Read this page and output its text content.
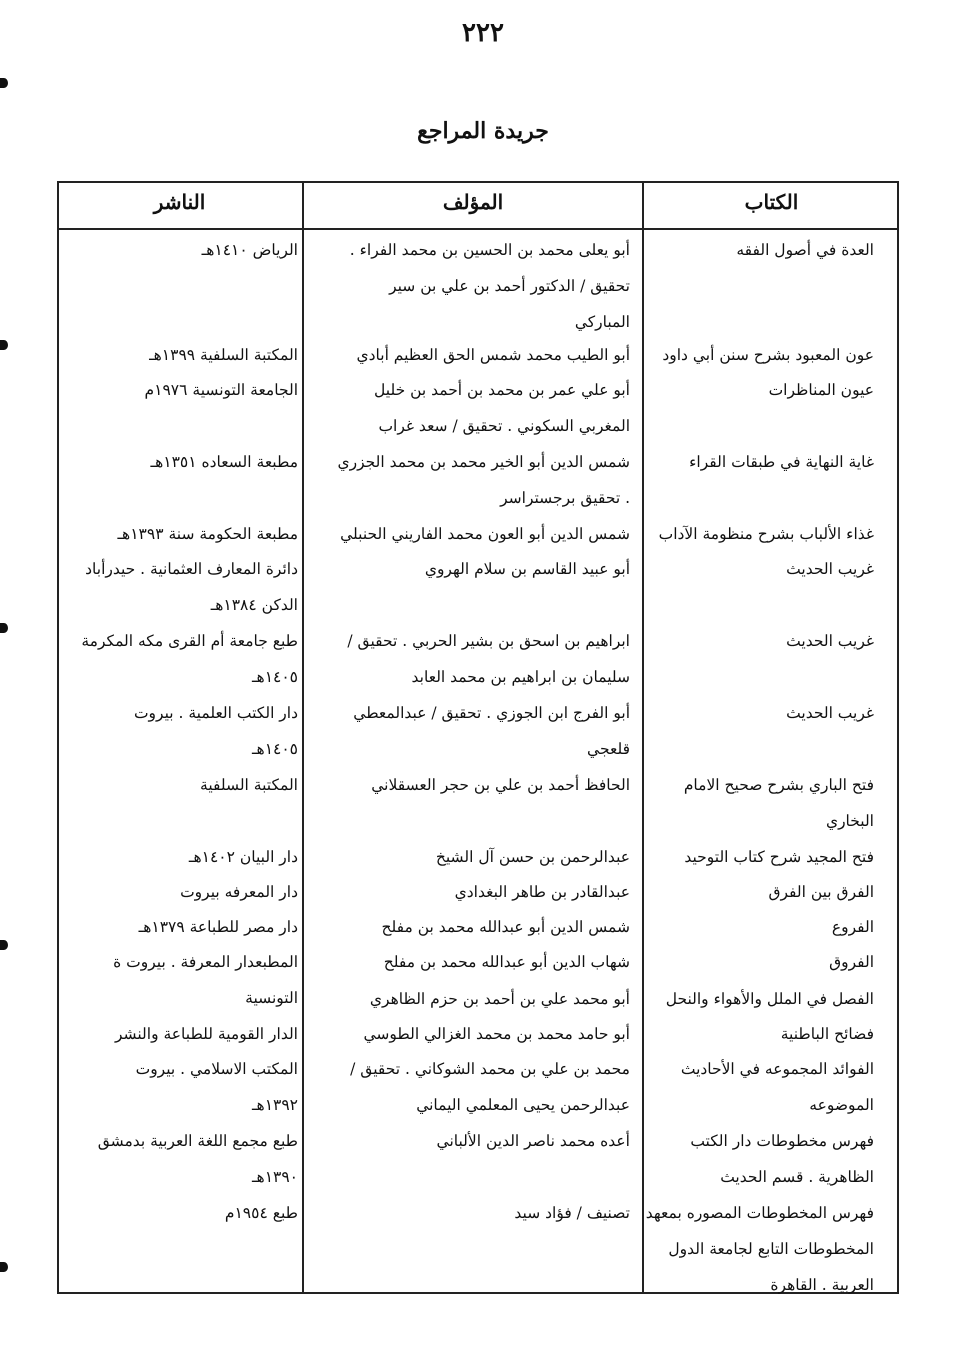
٢٢٢
جريدة المراجع
الكتاب
المؤلف
الناشر
العدة في أصول الفقه
أبو يعلى محمد بن الحسين بن محمد الفراء .
تحقيق / الدكتور أحمد بن علي بن سير
المباركي
الرياض ١٤١٠هـ
عون المعبود بشرح سنن أبي داود
أبو الطيب محمد شمس الحق العظيم أبادي
المكتبة السلفية ١٣٩٩هـ
عيون المناظرات
أبو علي عمر بن محمد بن أحمد بن خليل
المغربي السكوني . تحقيق / سعد غراب
الجامعة التونسية ١٩٧٦م
غاية النهاية في طبقات القراء
شمس الدين أبو الخير محمد بن محمد الجزري
. تحقيق برجستراسر
مطبعة السعاده ١٣٥١هـ
غذاء الألباب بشرح منظومة الآداب
شمس الدين أبو العون محمد الفاريني الحنبلي
مطبعة الحكومة سنة ١٣٩٣هـ
غريب الحديث
أبو عبيد القاسم بن سلام الهروي
دائرة المعارف العثمانية . حيدرأباد
الدكن ١٣٨٤هـ
غريب الحديث
ابراهيم بن اسحق بن بشير الحربي . تحقيق /
سليمان بن ابراهيم بن محمد العابد
طبع جامعة أم القرى مكه المكرمة
١٤٠٥هـ
غريب الحديث
أبو الفرج ابن الجوزي . تحقيق / عبدالمعطي
قلعجي
دار الكتب العلمية . بيروت
١٤٠٥هـ
فتح الباري بشرح صحيح الامام
البخاري
الحافظ أحمد بن علي بن حجر العسقلاني
المكتبة السلفية
فتح المجيد شرح كتاب التوحيد
عبدالرحمن بن حسن آل الشيخ
دار البيان ١٤٠٢هـ
الفرق بين الفرق
عبدالقادر بن طاهر البغدادي
دار المعرفه بيروت
الفروع
شمس الدين أبو عبدالله محمد بن مفلح
دار مصر للطباعة ١٣٧٩هـ
الفروق
شهاب الدين أبو عبدالله محمد بن مفلح
المطبعدار المعرفة . بيروت ة
التونسية	الفصل في الملل والأهواء والنحل
أبو محمد علي بن أحمد بن حزم الظاهري
فضائح الباطنية
أبو حامد محمد بن محمد الغزالي الطوسي
الدار القومية للطباعة والنشر
الفوائد المجموعه في الأحاديث
الموضوعه
محمد بن علي بن محمد الشوكاني . تحقيق /
عبدالرحمن يحيى المعلمي اليماني
المكتب الاسلامي . بيروت
١٣٩٢هـ
فهرس مخطوطات دار الكتب
الظاهرية . قسم الحديث
أعده محمد ناصر الدين الألباني
طبع مجمع اللغة العربية بدمشق
١٣٩٠هـ
فهرس المخطوطات المصوره بمعهد
المخطوطات التابع لجامعة الدول
العربية . القاهرة
تصنيف / فؤاد سيد
طبع ١٩٥٤م
